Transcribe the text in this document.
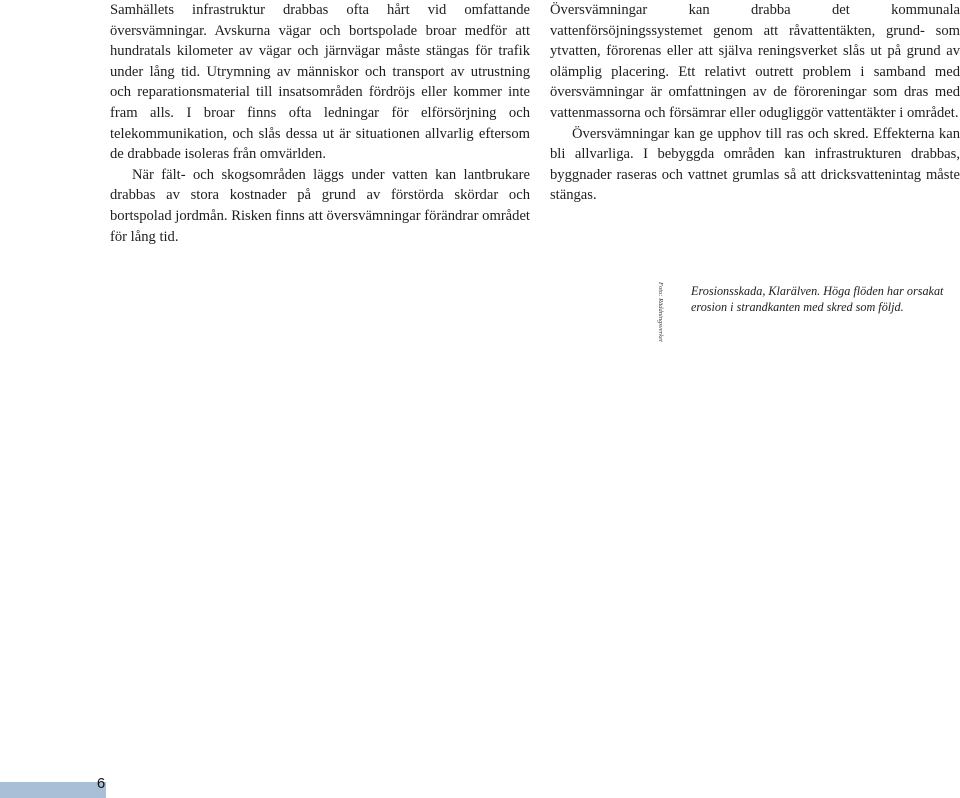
Samhällets infrastruktur drabbas ofta hårt vid omfattande översvämningar. Avskurna vägar och bortspolade broar medför att hundratals kilometer av vägar och järnvägar måste stängas för trafik under lång tid. Utrymning av människor och transport av utrustning och reparationsmaterial till insatsområden fördröjs eller kommer inte fram alls. I broar finns ofta ledningar för elförsörjning och telekommunikation, och slås dessa ut är situationen allvarlig eftersom de drabbade isoleras från omvärlden.

När fält- och skogsområden läggs under vatten kan lantbrukare drabbas av stora kostnader på grund av förstörda skördar och bortspolad jordmån. Risken finns att översvämningar förändrar området för lång tid.

Översvämningar kan drabba det kommunala vattenförsöjningssystemet genom att råvattentäkten, grund- som ytvatten, förorenas eller att själva reningsverket slås ut på grund av olämplig placering. Ett relativt outrett problem i samband med översvämningar är omfattningen av de föroreningar som dras med vattenmassorna och försämrar eller odugliggör vattentäkter i området.

Översvämningar kan ge upphov till ras och skred. Effekterna kan bli allvarliga. I bebyggda områden kan infrastrukturen drabbas, byggnader raseras och vattnet grumlas så att dricksvattenintag måste stängas.

Foto: Räddningsverket Erosionsskada, Klarälven. Höga flöden har orsakat erosion i strandkanten med skred som följd.
6
